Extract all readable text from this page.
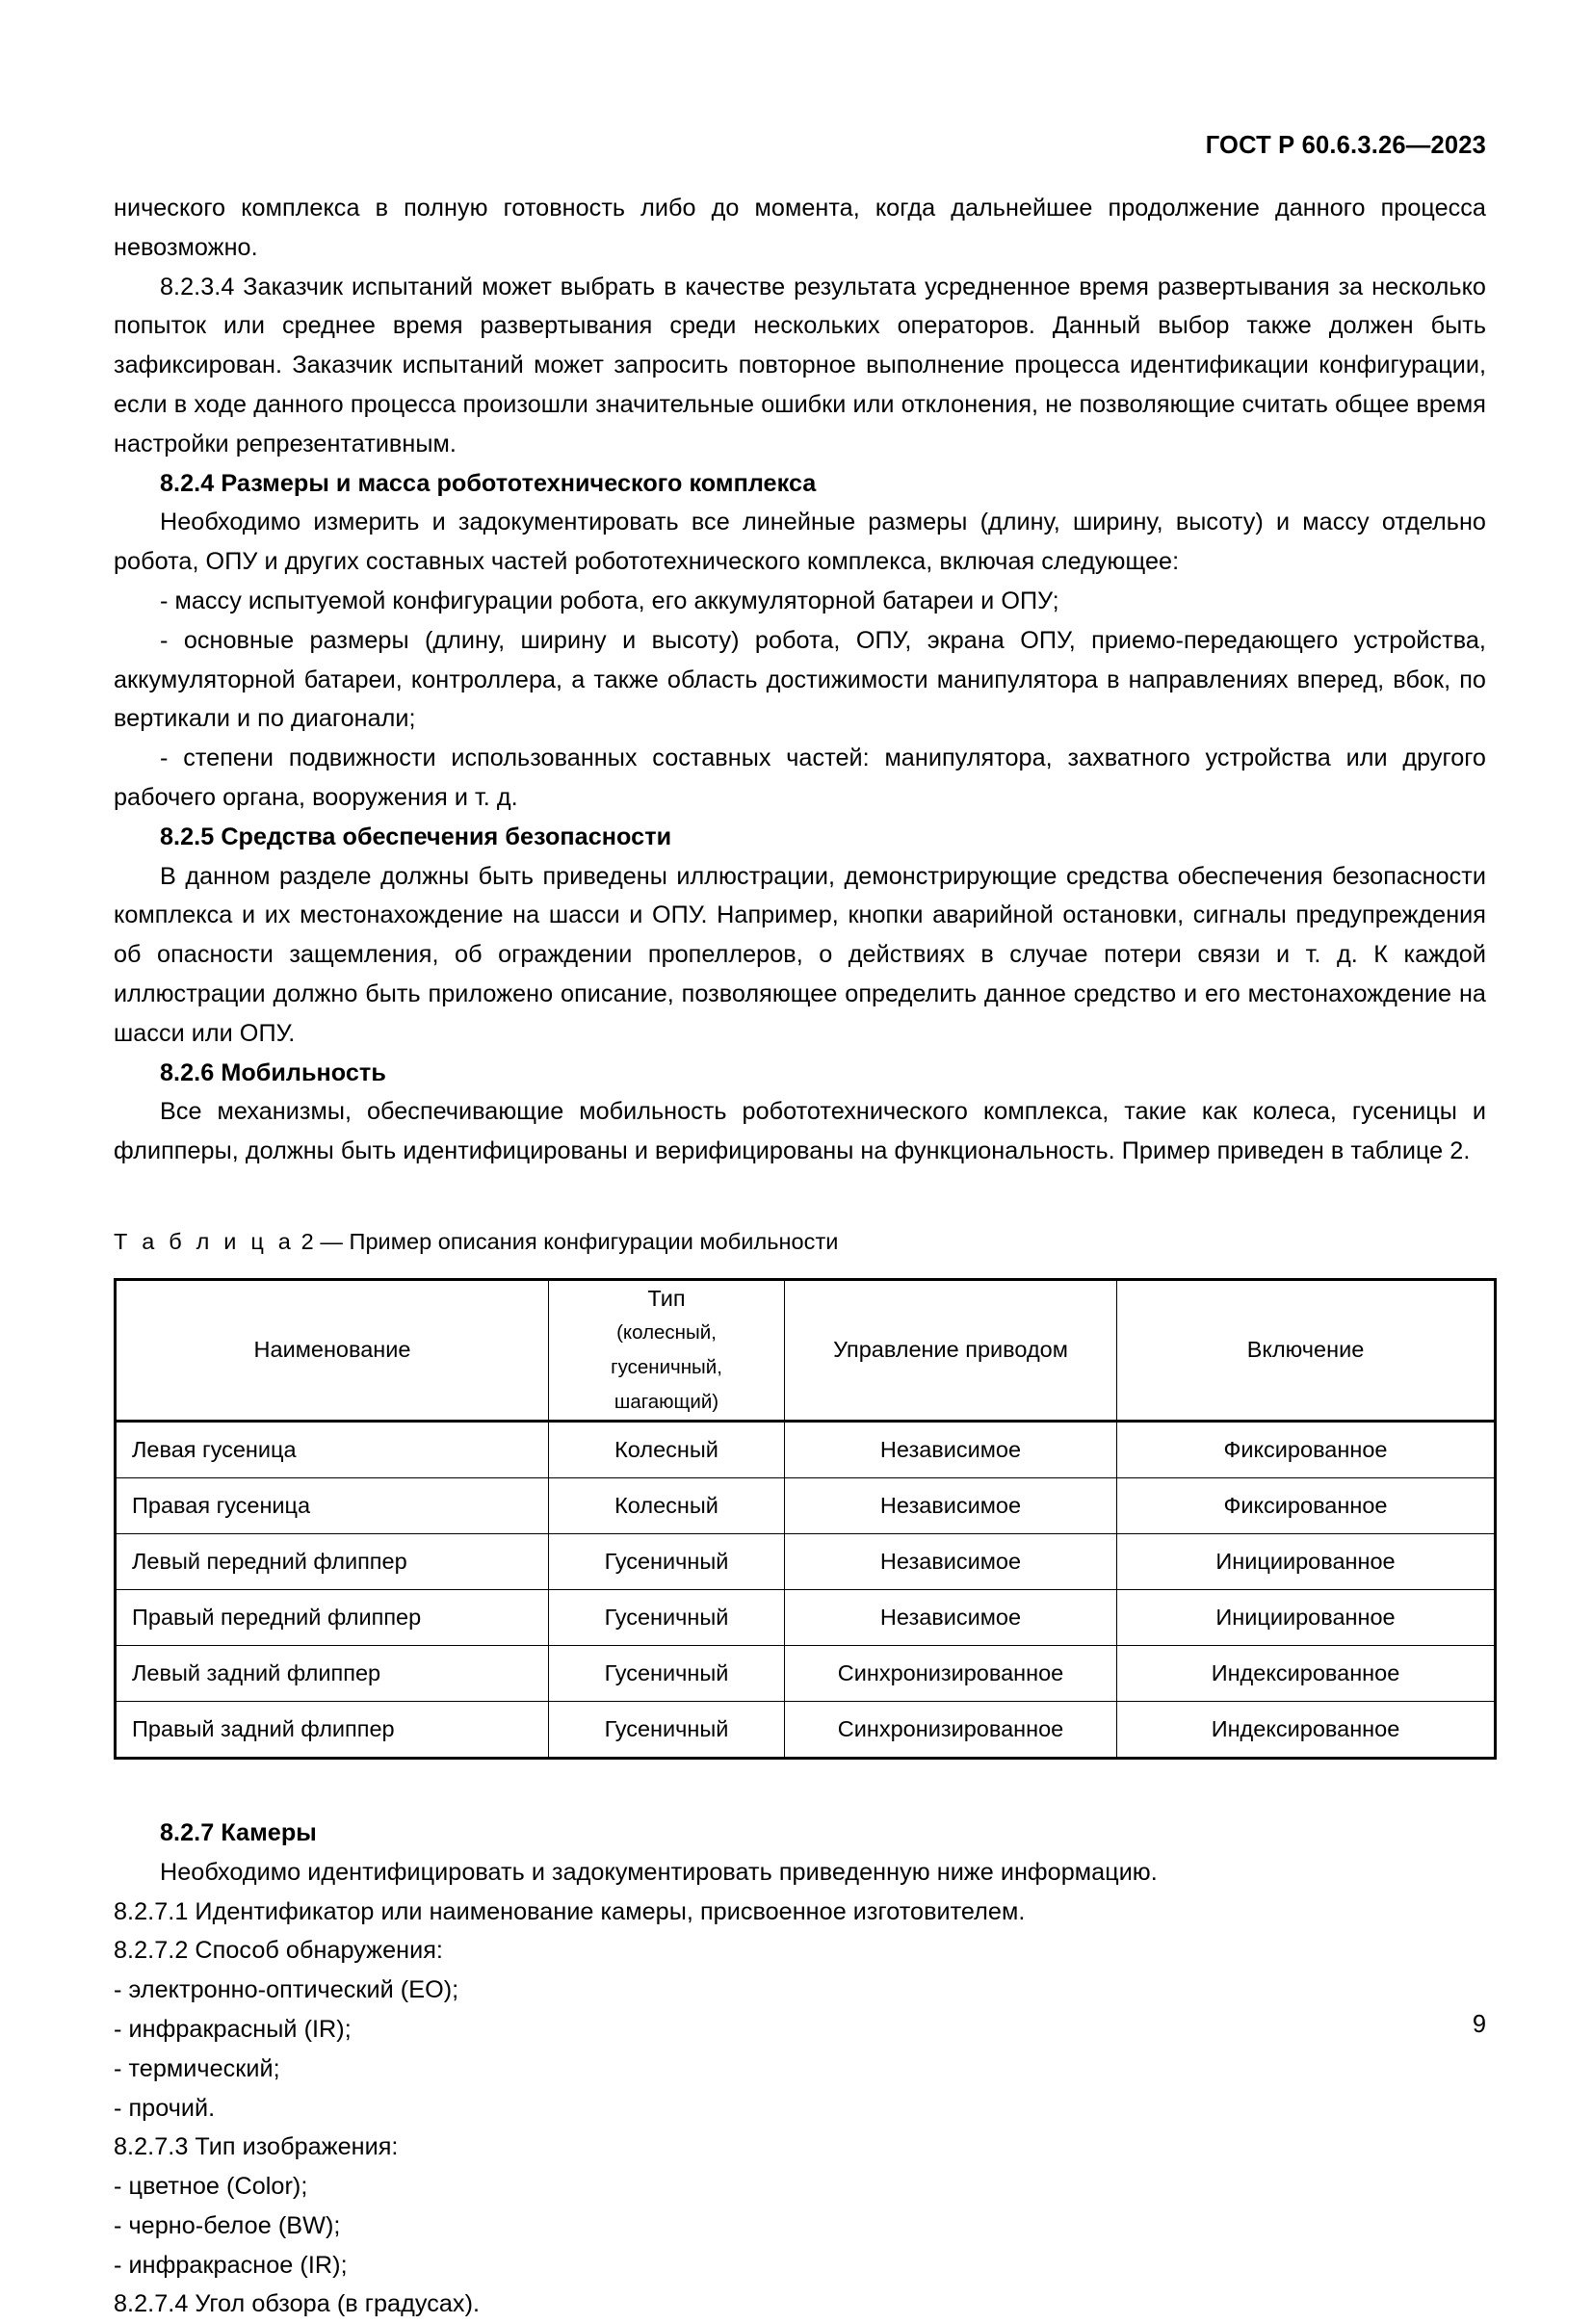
ГОСТ Р 60.6.3.26—2023

нического комплекса в полную готовность либо до момента, когда дальнейшее продолжение данного процесса невозможно.

8.2.3.4 Заказчик испытаний может выбрать в качестве результата усредненное время развертывания за несколько попыток или среднее время развертывания среди нескольких операторов. Данный выбор также должен быть зафиксирован. Заказчик испытаний может запросить повторное выполнение процесса идентификации конфигурации, если в ходе данного процесса произошли значительные ошибки или отклонения, не позволяющие считать общее время настройки репрезентативным.

8.2.4 Размеры и масса робототехнического комплекса

Необходимо измерить и задокументировать все линейные размеры (длину, ширину, высоту) и массу отдельно робота, ОПУ и других составных частей робототехнического комплекса, включая следующее:

- массу испытуемой конфигурации робота, его аккумуляторной батареи и ОПУ;

- основные размеры (длину, ширину и высоту) робота, ОПУ, экрана ОПУ, приемо-передающего устройства, аккумуляторной батареи, контроллера, а также область достижимости манипулятора в направлениях вперед, вбок, по вертикали и по диагонали;

- степени подвижности использованных составных частей: манипулятора, захватного устройства или другого рабочего органа, вооружения и т. д.

8.2.5 Средства обеспечения безопасности

В данном разделе должны быть приведены иллюстрации, демонстрирующие средства обеспечения безопасности комплекса и их местонахождение на шасси и ОПУ. Например, кнопки аварийной остановки, сигналы предупреждения об опасности защемления, об ограждении пропеллеров, о действиях в случае потери связи и т. д. К каждой иллюстрации должно быть приложено описание, позволяющее определить данное средство и его местонахождение на шасси или ОПУ.

8.2.6 Мобильность

Все механизмы, обеспечивающие мобильность робототехнического комплекса, такие как колеса, гусеницы и флипперы, должны быть идентифицированы и верифицированы на функциональность. Пример приведен в таблице 2.

Т а б л и ц а 2 — Пример описания конфигурации мобильности

Наименование	Тип
(колесный,
гусеничный,
шагающий)	Управление приводом	Включение
Левая гусеница	Колесный	Независимое	Фиксированное
Правая гусеница	Колесный	Независимое	Фиксированное
Левый передний флиппер	Гусеничный	Независимое	Инициированное
Правый передний флиппер	Гусеничный	Независимое	Инициированное
Левый задний флиппер	Гусеничный	Синхронизированное	Индексированное
Правый задний флиппер	Гусеничный	Синхронизированное	Индексированное

8.2.7 Камеры

Необходимо идентифицировать и задокументировать приведенную ниже информацию.

8.2.7.1 Идентификатор или наименование камеры, присвоенное изготовителем.

8.2.7.2 Способ обнаружения:

- электронно-оптический (EO);

- инфракрасный (IR);

- термический;

- прочий.

8.2.7.3 Тип изображения:

- цветное (Color);

- черно-белое (BW);

- инфракрасное (IR);

8.2.7.4 Угол обзора (в градусах).

9
